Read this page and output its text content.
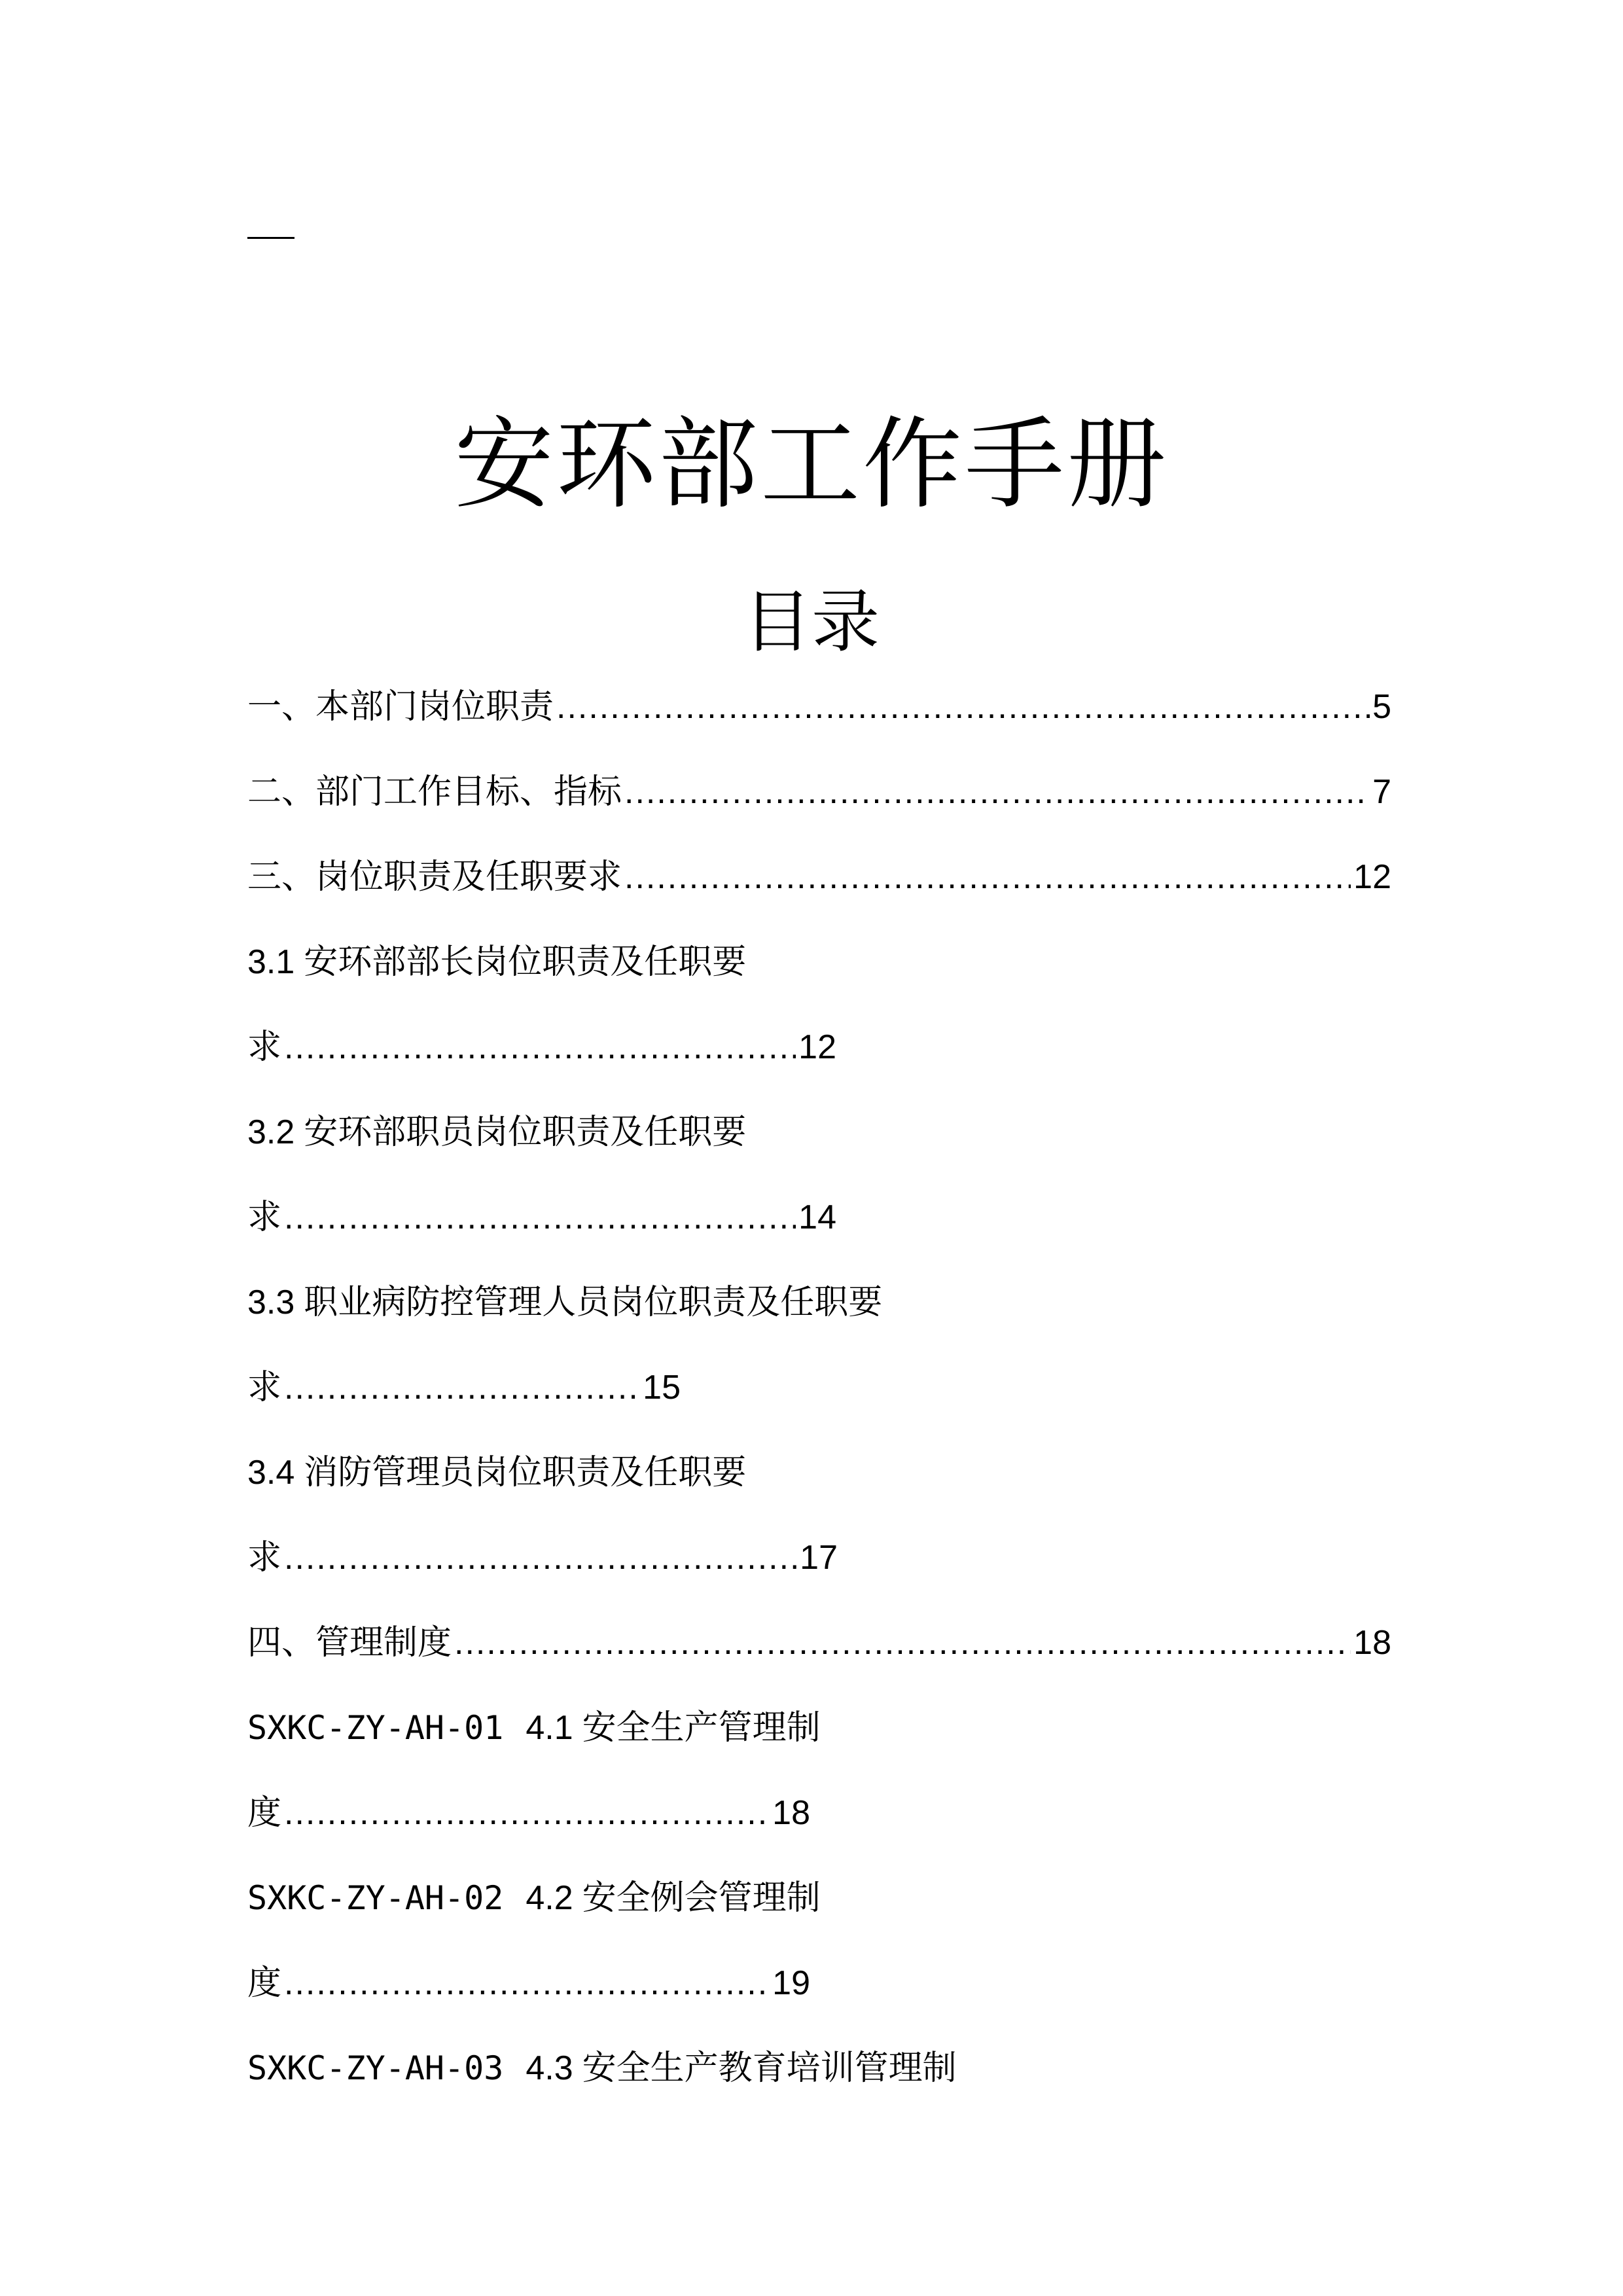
安环部工作手册
目录
一、本部门岗位职责 .....	5
二、部门工作目标、指标 .....	7
三、岗位职责及任职要求 .....	12
3.1 安环部部长岗位职责及任职要
求 .....	12
3.2 安环部职员岗位职责及任职要
求 .....	14
3.3 职业病防控管理人员岗位职责及任职要
求 .....	15
3.4 消防管理员岗位职责及任职要
求 .....	17
四、管理制度 .....	18
SXKC-ZY-AH-01 4.1 安全生产管理制
度 .....	18
SXKC-ZY-AH-02 4.2 安全例会管理制
度 .....	19
SXKC-ZY-AH-03 4.3 安全生产教育培训管理制
